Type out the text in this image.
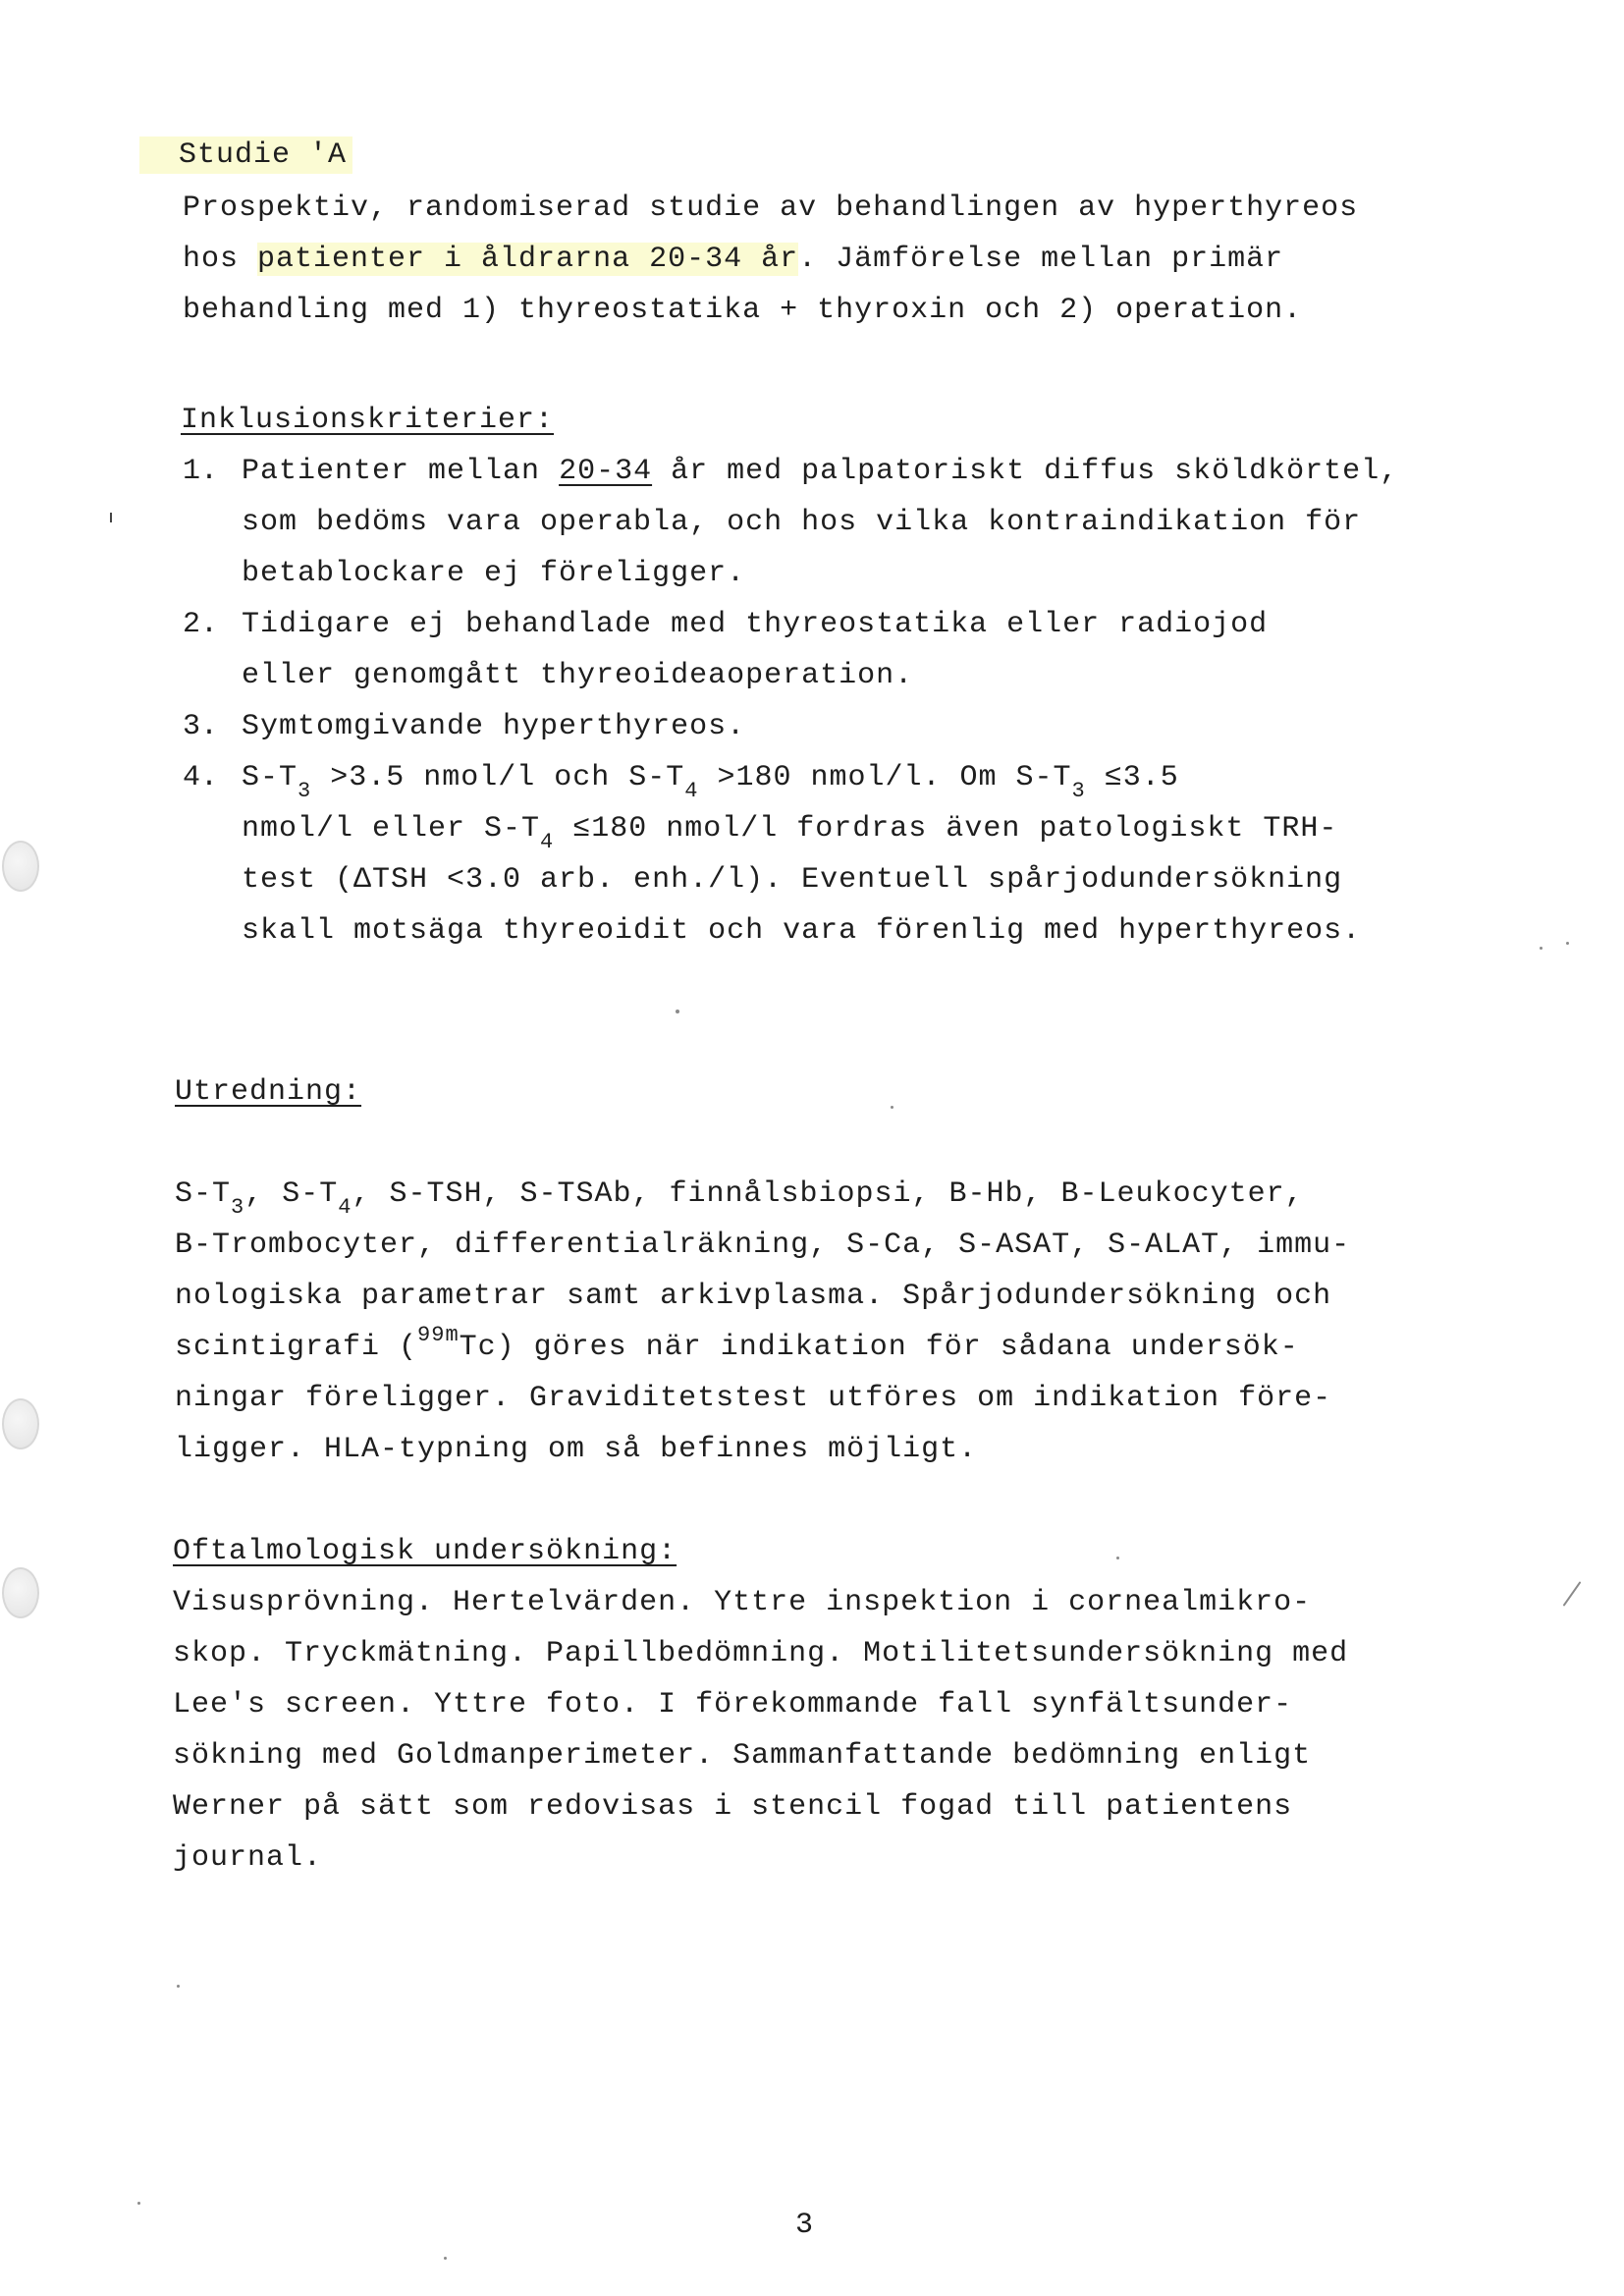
Studie 'A
Prospektiv, randomiserad studie av behandlingen av hyperthyreos
hos patienter i åldrarna 20-34 år. Jämförelse mellan primär
behandling med 1) thyreostatika + thyroxin och 2) operation.
Inklusionskriterier:
1. Patienter mellan 20-34 år med palpatoriskt diffus sköldkörtel,
som bedöms vara operabla, och hos vilka kontraindikation för
betablockare ej föreligger.
2. Tidigare ej behandlade med thyreostatika eller radiojod
eller genomgått thyreoideaoperation.
3. Symtomgivande hyperthyreos.
4. $S-T_3 >3.5$ nmol/l och $S-T_4 >180$ nmol/l. Om $S-T_3 \le 3.5$
nmol/l eller $S-T_4 \le 180$ nmol/l fordras även patologiskt TRH-
test (ΔTSH <3.0 arb. enh./l). Eventuell spårjodundersökning
skall motsäga thyreoidit och vara förenlig med hyperthyreos.
Utredning:
$S-T_3$, $S-T_4$, S-TSH, S-TSAb, finnålsbiopsi, B-Hb, B-Leukocyter,
B-Trombocyter, differentialräkning, S-Ca, S-ASAT, S-ALAT, immu-
nologiska parametrar samt arkivplasma. Spårjodundersökning och
scintigrafi ($^{99m}$Tc) göres när indikation för sådana undersök-
ningar föreligger. Graviditetstest utföres om indikation före-
ligger. HLA-typning om så befinnes möjligt.
Oftalmologisk undersökning:
Visusprövning. Hertelvärden. Yttre inspektion i cornealmikro-
skop. Tryckmätning. Papillbedömning. Motilitetsundersökning med
Lee's screen. Yttre foto. I förekommande fall synfältsunder-
sökning med Goldmanperimeter. Sammanfattande bedömning enligt
Werner på sätt som redovisas i stencil fogad till patientens
journal.
3
